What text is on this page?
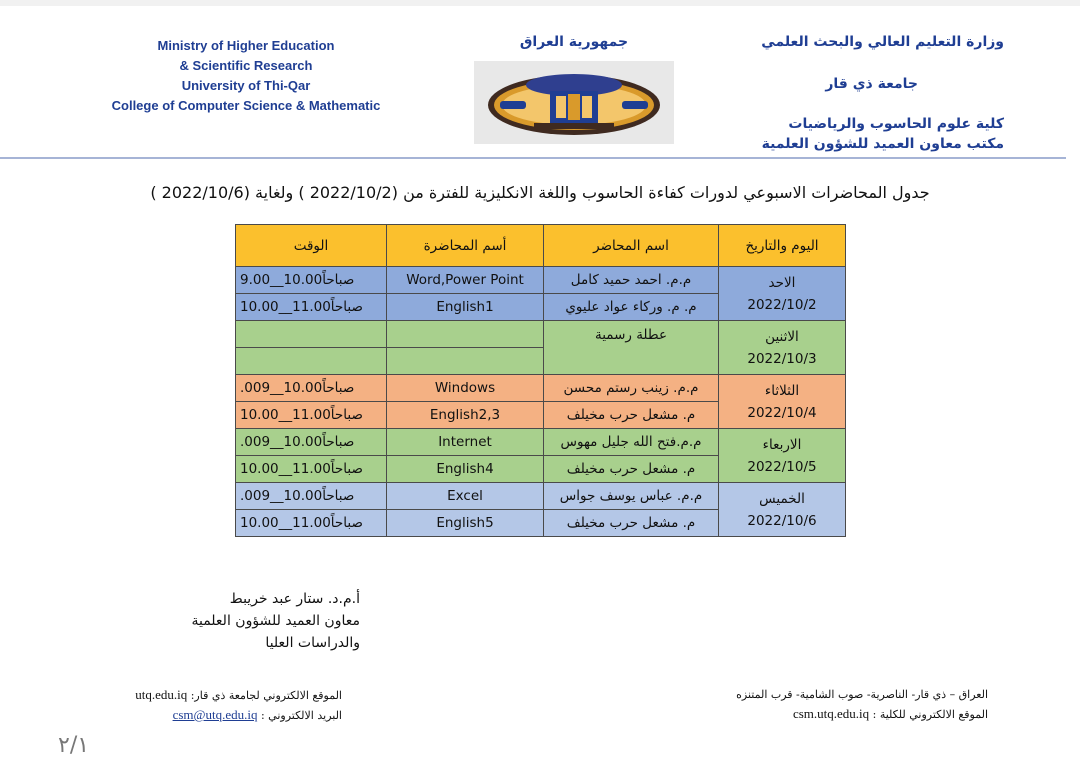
Ministry of Higher Education
& Scientific Research
University of Thi-Qar
College of Computer Science & Mathematic
جمهورية العراق	وزارة التعليم العالي والبحث العلمي
جامعة ذي قار
كلية علوم الحاسوب والرياضيات
مكتب معاون العميد للشؤون العلمية
جدول المحاضرات الاسبوعي لدورات كفاءة الحاسوب واللغة الانكليزية للفترة من (2022/10/2 ) ولغاية (2022/10/6 )
اليوم والتاريخ	اسم المحاضر	أسم المحاضرة	الوقت

الاحد
2022/10/2	م.م. احمد حميد كامل	Word,Power Point	9.00__10.00صباحاً
	م. م. وركاء عواد عليوي	English1	10.00__11.00صباحاً

الاثنين
2022/10/3	عطلة رسمية		

الثلاثاء
2022/10/4	م.م. زينب رستم محسن	Windows	.009__10.00صباحاً
	م. مشعل حرب مخيلف	English2,3	10.00__11.00صباحاً

الاربعاء
2022/10/5	م.م.فتح الله جليل مهوس	Internet	.009__10.00صباحاً
	م. مشعل حرب مخيلف	English4	10.00__11.00صباحاً

الخميس
2022/10/6	م.م. عباس يوسف جواس	Excel	.009__10.00صباحاً
	م. مشعل حرب مخيلف	English5	10.00__11.00صباحاً
أ.م.د. ستار عبد خريبط
معاون العميد للشؤون العلمية
والدراسات العليا
الموقع الالكتروني لجامعة ذي قار: utq.edu.iq
البريد الالكتروني : csm@utq.edu.iq
العراق – ذي قار- الناصرية- صوب الشامية- قرب المتنزه
الموقع الالكتروني للكلية : csm.utq.edu.iq
٢/١
